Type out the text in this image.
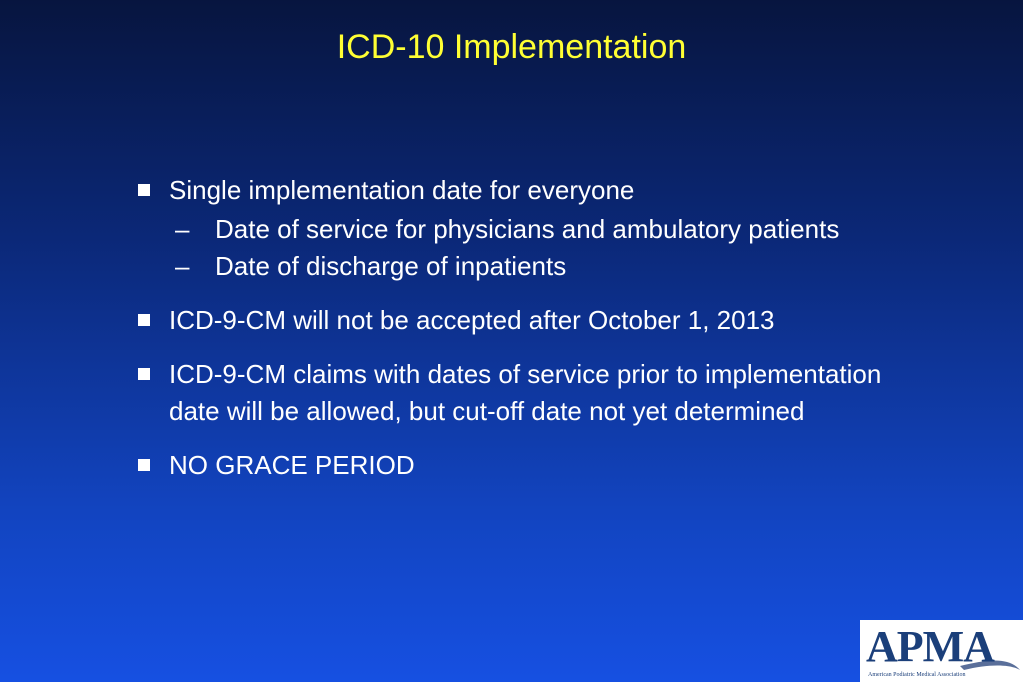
ICD-10 Implementation
Single implementation date for everyone
– Date of service for physicians and ambulatory patients
– Date of discharge of inpatients
ICD-9-CM will not be accepted after October 1, 2013
ICD-9-CM claims with dates of service prior to implementation date will be allowed, but cut-off date not yet determined
NO GRACE PERIOD
APMA
American Podiatric Medical Association
